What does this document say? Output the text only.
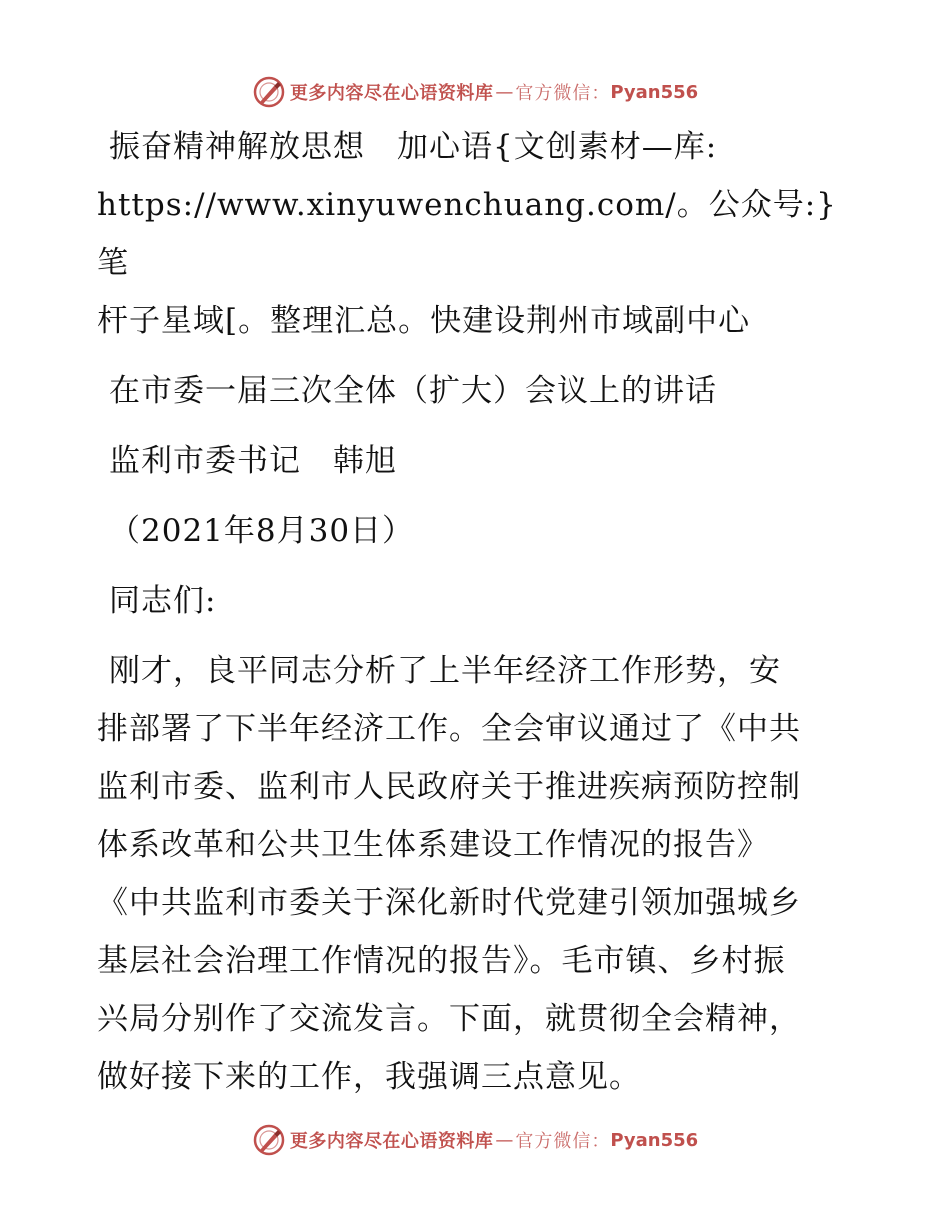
更多内容尽在心语资料库 — 官方微信： Pyan556

振奋精神解放思想　加心语{文创素材—库:

https://www.xinyuwenchuang.com/。公众号:}笔

杆子星域[。整理汇总。快建设荆州市域副中心

在市委一届三次全体（扩大）会议上的讲话

监利市委书记　韩旭

（2021年8月30日）

同志们:

刚才，良平同志分析了上半年经济工作形势，安

排部署了下半年经济工作。全会审议通过了《中共

监利市委、监利市人民政府关于推进疾病预防控制

体系改革和公共卫生体系建设工作情况的报告》

《中共监利市委关于深化新时代党建引领加强城乡

基层社会治理工作情况的报告》。毛市镇、乡村振

兴局分别作了交流发言。下面，就贯彻全会精神，

做好接下来的工作，我强调三点意见。

更多内容尽在心语资料库 — 官方微信： Pyan556
